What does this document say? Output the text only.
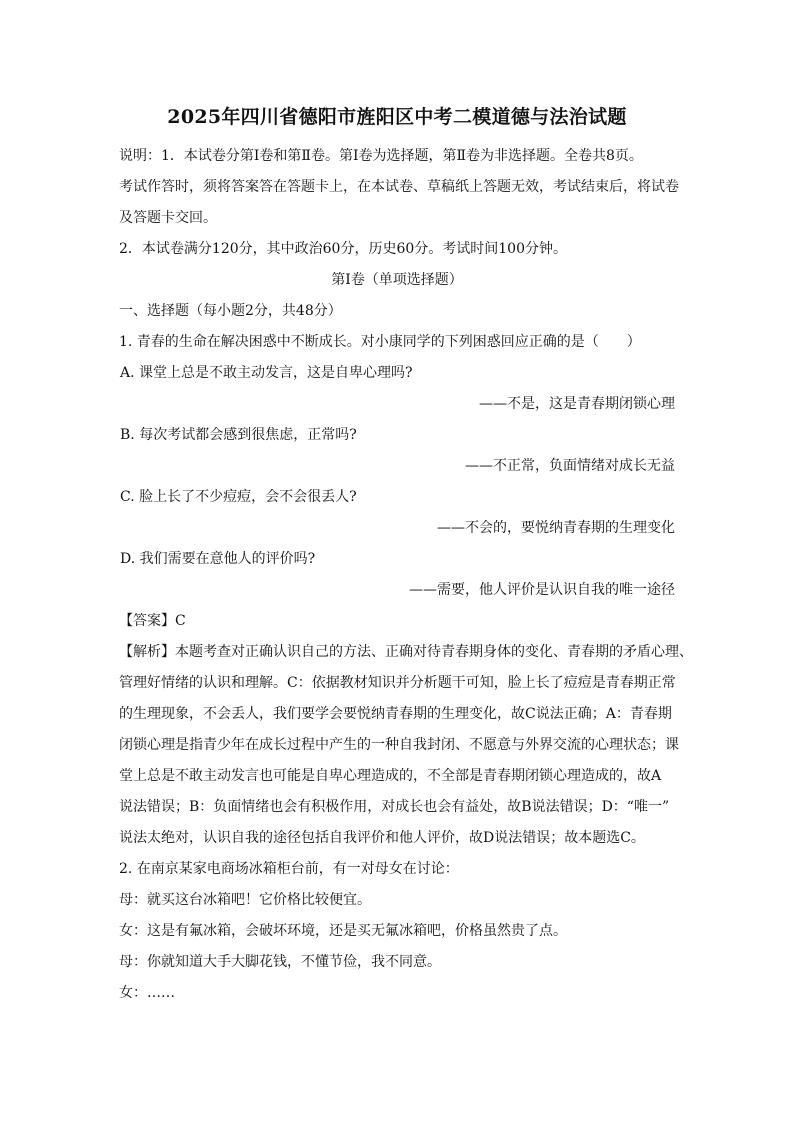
2025年四川省德阳市旌阳区中考二模道德与法治试题

说明：1．本试卷分第Ⅰ卷和第Ⅱ卷。第Ⅰ卷为选择题，第Ⅱ卷为非选择题。全卷共8页。

考试作答时，须将答案答在答题卡上，在本试卷、草稿纸上答题无效，考试结束后，将试卷

及答题卡交回。

2．本试卷满分120分，其中政治60分，历史60分。考试时间100分钟。

第Ⅰ卷（单项选择题）

一、选择题（每小题2分，共48分）

1. 青春的生命在解决困惑中不断成长。对小康同学的下列困惑回应正确的是（　　）

A. 课堂上总是不敢主动发言，这是自卑心理吗?

——不是，这是青春期闭锁心理

B. 每次考试都会感到很焦虑，正常吗?

——不正常，负面情绪对成长无益

C. 脸上长了不少痘痘，会不会很丢人?

——不会的，要悦纳青春期的生理变化

D. 我们需要在意他人的评价吗?

——需要，他人评价是认识自我的唯一途径

【答案】C

【解析】本题考查对正确认识自己的方法、正确对待青春期身体的变化、青春期的矛盾心理、
管理好情绪的认识和理解。C：依据教材知识并分析题干可知，脸上长了痘痘是青春期正常
的生理现象，不会丢人，我们要学会要悦纳青春期的生理变化，故C说法正确；A：青春期
闭锁心理是指青少年在成长过程中产生的一种自我封闭、不愿意与外界交流的心理状态；课
堂上总是不敢主动发言也可能是自卑心理造成的，不全部是青春期闭锁心理造成的，故A
说法错误；B：负面情绪也会有积极作用，对成长也会有益处，故B说法错误；D：“唯一”
说法太绝对，认识自我的途径包括自我评价和他人评价，故D说法错误；故本题选C。

2. 在南京某家电商场冰箱柜台前，有一对母女在讨论：

母：就买这台冰箱吧！它价格比较便宜。

女：这是有氟冰箱，会破坏环境，还是买无氟冰箱吧，价格虽然贵了点。

母：你就知道大手大脚花钱，不懂节俭，我不同意。

女：……
